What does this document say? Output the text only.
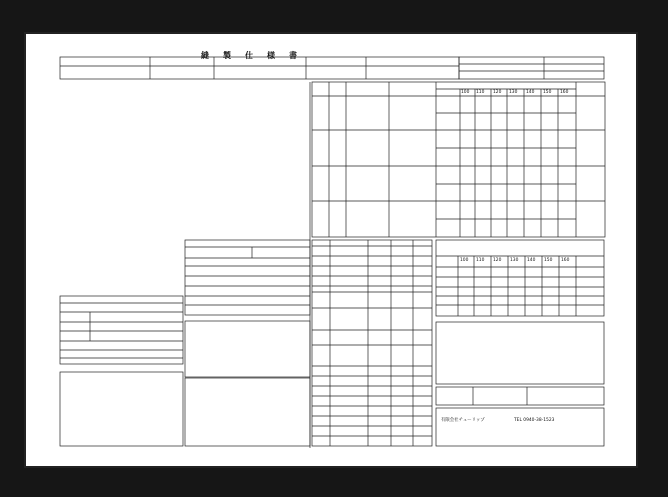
縫製仕様書
100 110 120 130 140 150 160
100 110 120 130 140 150 160
有限会社チューリップ	TEL 0940-38-1523
